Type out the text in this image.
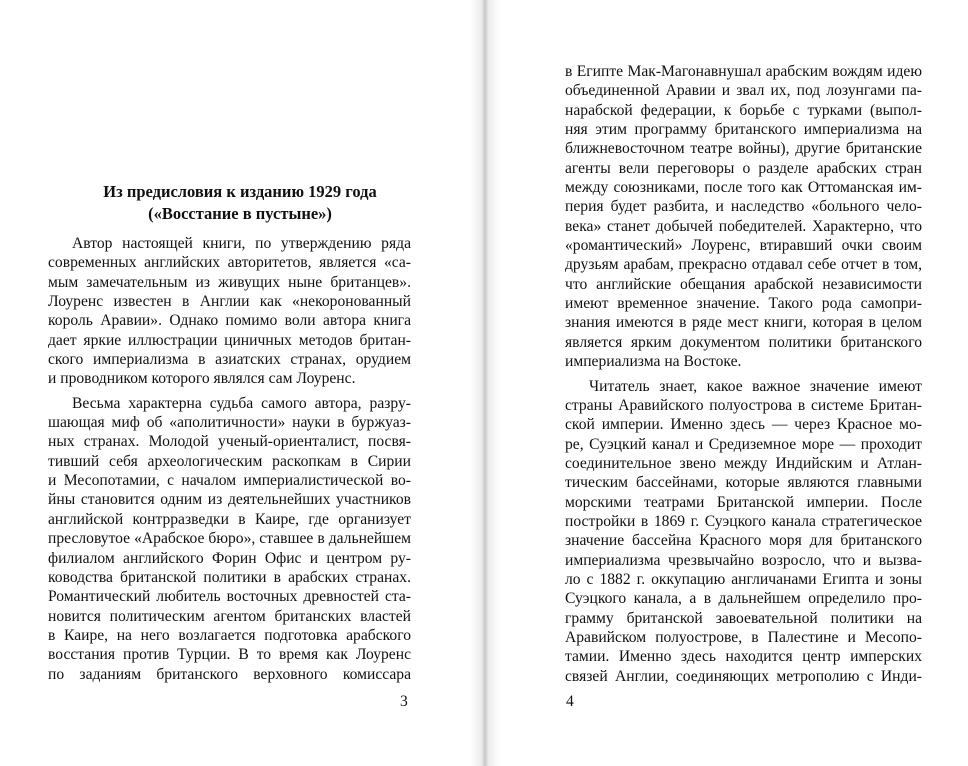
Из предисловия к изданию 1929 года
(«Восстание в пустыне»)
Автор настоящей книги, по утверждению ряда
современных английских авторитетов, является «са-
мым замечательным из живущих ныне британцев».
Лоуренс известен в Англии как «некоронованный
король Аравии». Однако помимо воли автора книга
дает яркие иллюстрации циничных методов британ-
ского империализма в азиатских странах, орудием
и проводником которого являлся сам Лоуренс.
Весьма характерна судьба самого автора, разру-
шающая миф об «аполитичности» науки в буржуаз-
ных странах. Молодой ученый-ориенталист, посвя-
тивший себя археологическим раскопкам в Сирии
и Месопотамии, с началом империалистической во-
йны становится одним из деятельнейших участников
английской контрразведки в Каире, где организует
пресловутое «Арабское бюро», ставшее в дальнейшем
филиалом английского Форин Офис и центром ру-
ководства британской политики в арабских странах.
Романтический любитель восточных древностей ста-
новится политическим агентом британских властей
в Каире, на него возлагается подготовка арабского
восстания против Турции. В то время как Лоуренс
по заданиям британского верховного комиссара
в Египте Мак-Магонавнушал арабским вождям идею
объединенной Аравии и звал их, под лозунгами па-
нарабской федерации, к борьбе с турками (выпол-
няя этим программу британского империализма на
ближневосточном театре войны), другие британские
агенты вели переговоры о разделе арабских стран
между союзниками, после того как Оттоманская им-
перия будет разбита, и наследство «больного чело-
века» станет добычей победителей. Характерно, что
«романтический» Лоуренс, втиравший очки своим
друзьям арабам, прекрасно отдавал себе отчет в том,
что английские обещания арабской независимости
имеют временное значение. Такого рода самопри-
знания имеются в ряде мест книги, которая в целом
является ярким документом политики британского
империализма на Востоке.
Читатель знает, какое важное значение имеют
страны Аравийского полуострова в системе Британ-
ской империи. Именно здесь — через Красное мо-
ре, Суэцкий канал и Средиземное море — проходит
соединительное звено между Индийским и Атлан-
тическим бассейнами, которые являются главными
морскими театрами Британской империи. После
постройки в 1869 г. Суэцкого канала стратегическое
значение бассейна Красного моря для британского
империализма чрезвычайно возросло, что и вызва-
ло с 1882 г. оккупацию англичанами Египта и зоны
Суэцкого канала, а в дальнейшем определило про-
грамму британской завоевательной политики на
Аравийском полуострове, в Палестине и Месопо-
тамии. Именно здесь находится центр имперских
связей Англии, соединяющих метрополию с Инди-
3	4
